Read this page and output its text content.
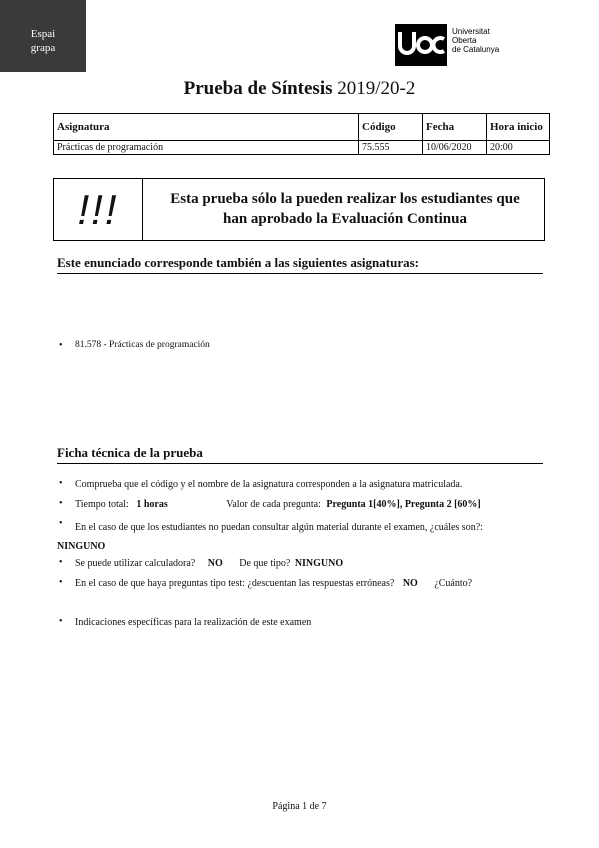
Espai
grapa
Universitat
Oberta
de Catalunya
Prueba de Síntesis 2019/20-2
Asignatura	Código	Fecha	Hora inicio
Prácticas de programación	75.555	10/06/2020	20:00
!!!	Esta prueba sólo la pueden realizar los estudiantes que
han aprobado la Evaluación Continua
Este enunciado corresponde también a las siguientes asignaturas:
• 81.578 - Prácticas de programación
Ficha técnica de la prueba
• Comprueba que el código y el nombre de la asignatura corresponden a la asignatura matriculada.
• Tiempo total: 1 horas	Valor de cada pregunta: Pregunta 1[40%], Pregunta 2 [60%]
• En el caso de que los estudiantes no puedan consultar algún material durante el examen, ¿cuáles son?:
NINGUNO
• Se puede utilizar calculadora? NO De que tipo? NINGUNO
• En el caso de que haya preguntas tipo test: ¿descuentan las respuestas erróneas? NO ¿Cuánto?
• Indicaciones específicas para la realización de este examen
Página 1 de 7
